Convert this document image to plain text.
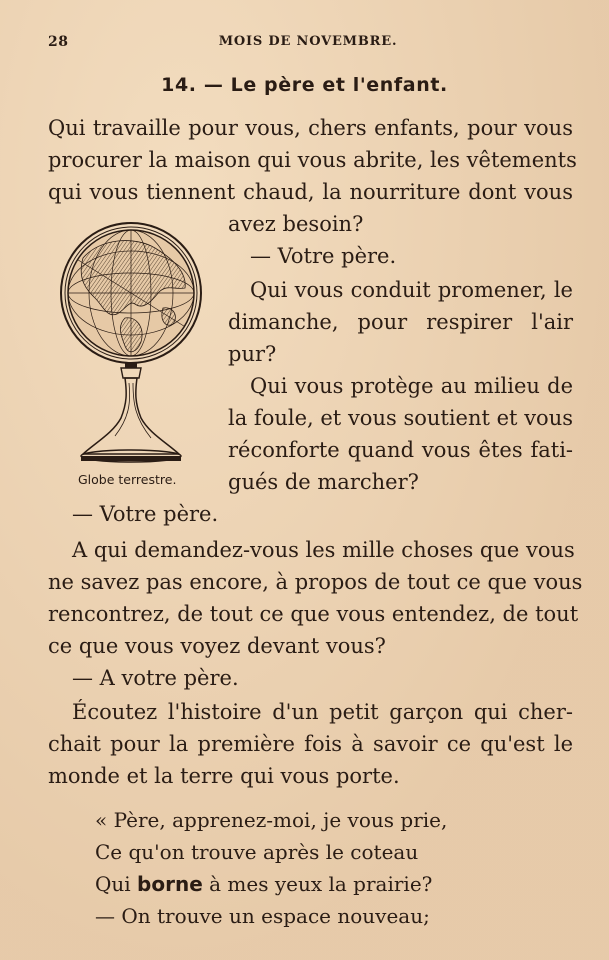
28	MOIS DE NOVEMBRE.
14. — Le père et l'enfant.
Qui travaille pour vous, chers enfants, pour vous
procurer la maison qui vous abrite, les vêtements
qui vous tiennent chaud, la nourriture dont vous
avez besoin?
— Votre père.
Qui vous conduit promener, le
dimanche, pour respirer l'air
pur?
Qui vous protège au milieu de
la foule, et vous soutient et vous
réconforte quand vous êtes fati-
gués de marcher?
Globe terrestre.
— Votre père.
A qui demandez-vous les mille choses que vous
ne savez pas encore, à propos de tout ce que vous
rencontrez, de tout ce que vous entendez, de tout
ce que vous voyez devant vous?
— A votre père.
Écoutez l'histoire d'un petit garçon qui cher-
chait pour la première fois à savoir ce qu'est le
monde et la terre qui vous porte.
« Père, apprenez-moi, je vous prie,
Ce qu'on trouve après le coteau
Qui borne à mes yeux la prairie?
— On trouve un espace nouveau;
